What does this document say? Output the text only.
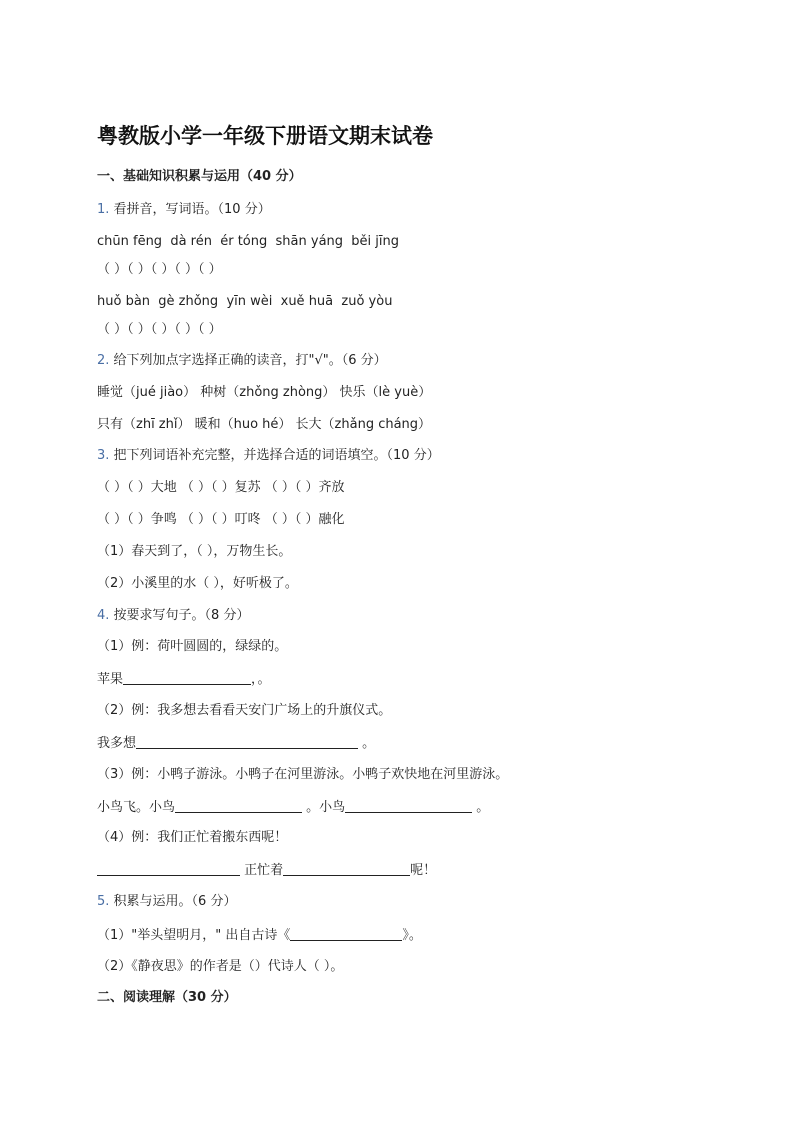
粤教版小学一年级下册语文期末试卷
一、基础知识积累与运用（40 分）
1. 看拼音，写词语。（10 分）
chūn fēng  dà rén  ér tóng  shān yáng  běi jīng
（ ）（ ）（ ）（ ）（ ）
huǒ bàn  gè zhǒng  yīn wèi  xuě huā  zuǒ yòu
（ ）（ ）（ ）（ ）（ ）
2. 给下列加点字选择正确的读音，打"√"。（6 分）
睡觉（jué jiào） 种树（zhǒng zhòng） 快乐（lè yuè）
只有（zhī zhǐ） 暖和（huo hé） 长大（zhǎng cháng）
3. 把下列词语补充完整，并选择合适的词语填空。（10 分）
（ ）（ ）大地 （ ）（ ）复苏 （ ）（ ）齐放
（ ）（ ）争鸣 （ ）（ ）叮咚 （ ）（ ）融化
（1）春天到了，（ ），万物生长。
（2）小溪里的水（ ），好听极了。
4. 按要求写句子。（8 分）
（1）例：荷叶圆圆的，绿绿的。
苹果	，。
（2）例：我多想去看看天安门广场上的升旗仪式。
我多想	。
（3）例：小鸭子游泳。小鸭子在河里游泳。小鸭子欢快地在河里游泳。
小鸟飞。小鸟	。小鸟	。
（4）例：我们正忙着搬东西呢！
正忙着	呢！
5. 积累与运用。（6 分）
（1）"举头望明月，" 出自古诗《	》。
（2）《静夜思》的作者是（）代诗人（ ）。
二、阅读理解（30 分）
